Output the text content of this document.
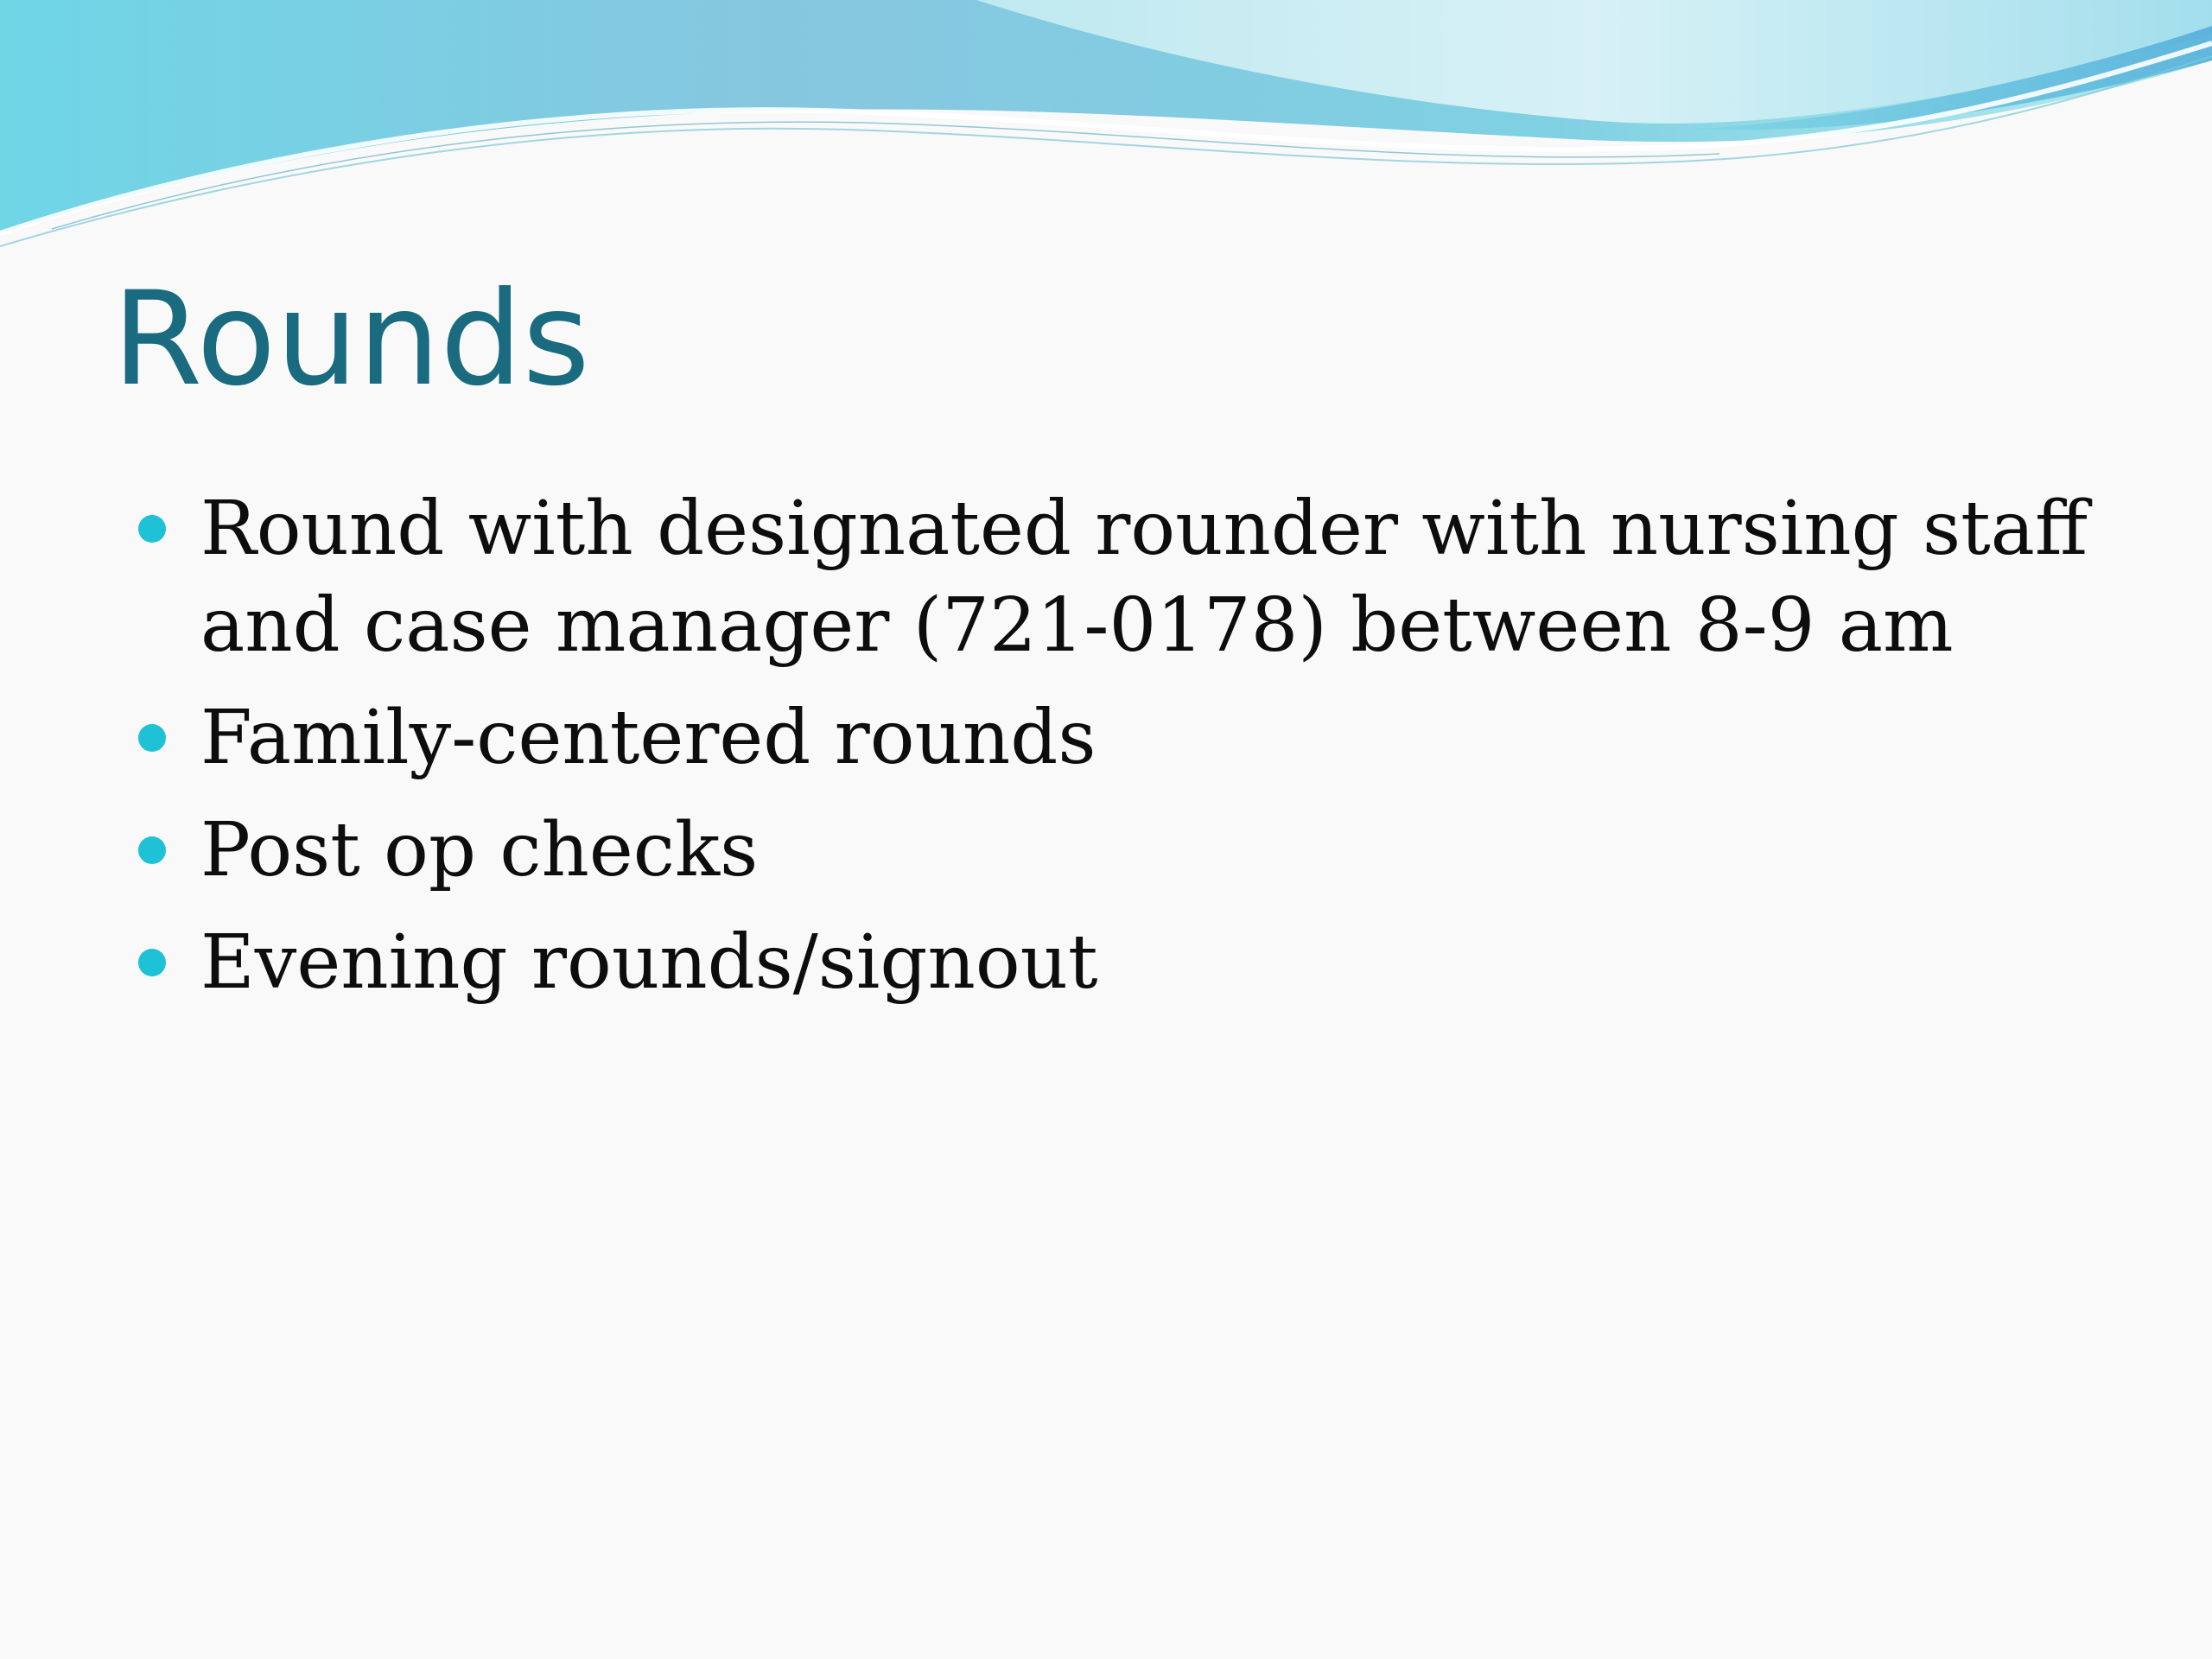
Rounds
Round with designated rounder with nursing staff and case manager (721-0178) between 8-9 am
Family-centered rounds
Post op checks
Evening rounds/signout
